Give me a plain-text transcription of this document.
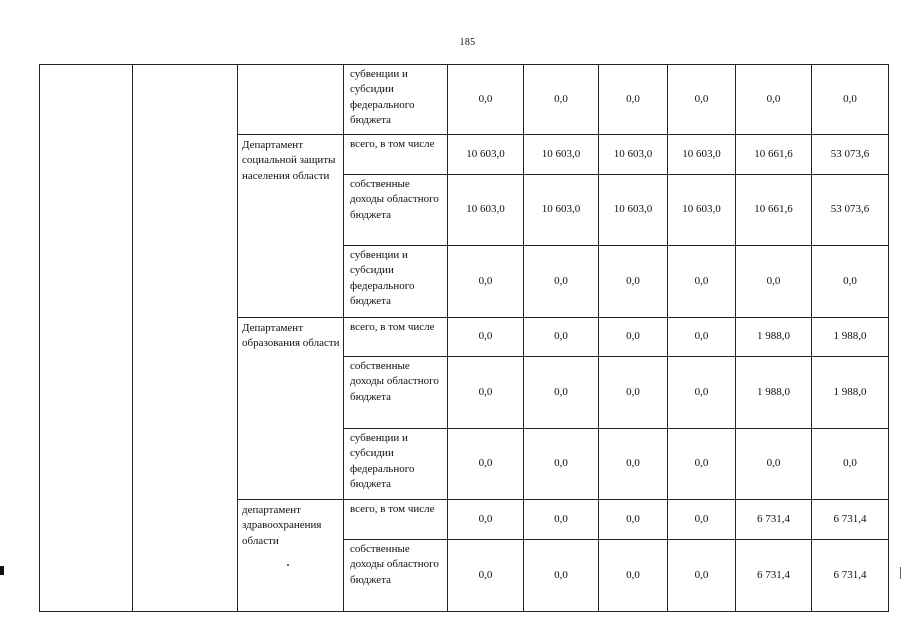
185
			субвенции и субсидии федерального бюджета	0,0	0,0	0,0	0,0	0,0	0,0
		Департамент социальной защиты населения области	всего, в том числе	10 603,0	10 603,0	10 603,0	10 603,0	10 661,6	53 073,6
			собственные доходы областного бюджета	10 603,0	10 603,0	10 603,0	10 603,0	10 661,6	53 073,6
			субвенции и субсидии федерального бюджета	0,0	0,0	0,0	0,0	0,0	0,0
		Департамент образования области	всего, в том числе	0,0	0,0	0,0	0,0	1 988,0	1 988,0
			собственные доходы областного бюджета	0,0	0,0	0,0	0,0	1 988,0	1 988,0
			субвенции и субсидии федерального бюджета	0,0	0,0	0,0	0,0	0,0	0,0
		департамент здравоохранения области	всего, в том числе	0,0	0,0	0,0	0,0	6 731,4	6 731,4
			собственные доходы областного бюджета	0,0	0,0	0,0	0,0	6 731,4	6 731,4
